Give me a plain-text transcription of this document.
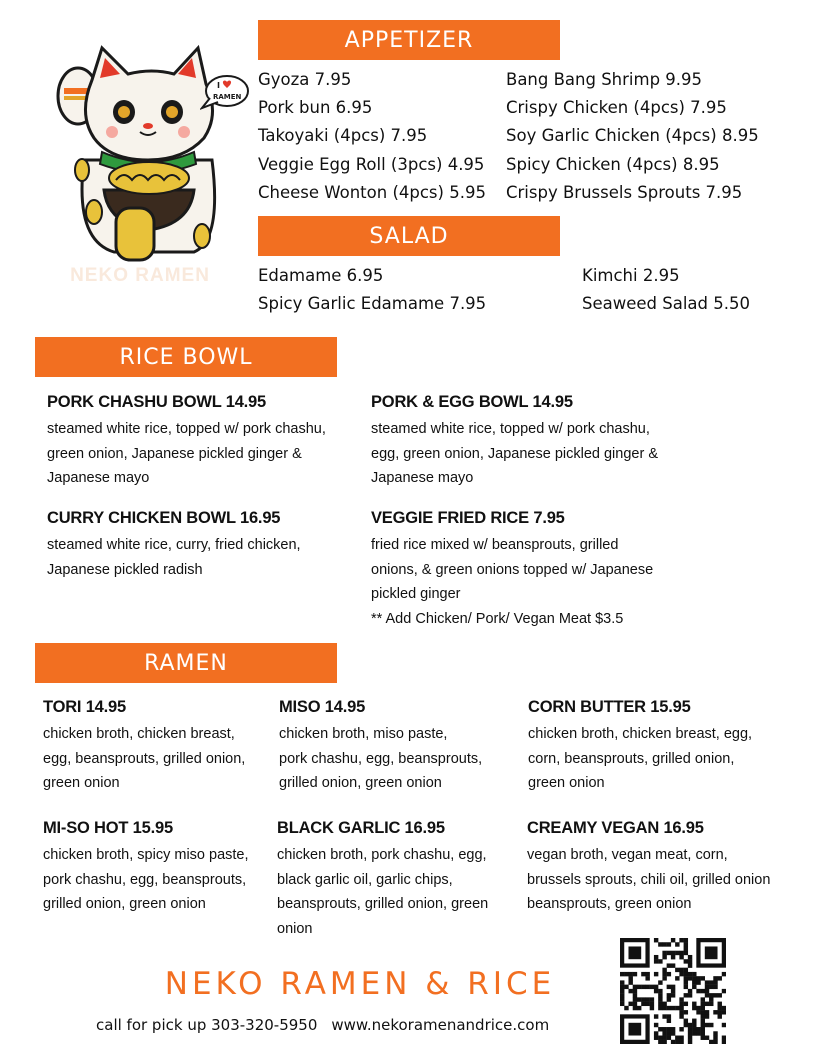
I
RAMEN
NEKO RAMEN
APPETIZER
Gyoza 7.95
Pork bun 6.95
Takoyaki (4pcs) 7.95
Veggie Egg Roll (3pcs) 4.95
Cheese Wonton (4pcs) 5.95
Bang Bang Shrimp 9.95
Crispy Chicken (4pcs) 7.95
Soy Garlic Chicken (4pcs) 8.95
Spicy Chicken (4pcs) 8.95
Crispy Brussels Sprouts 7.95
SALAD
Edamame 6.95
Spicy Garlic Edamame 7.95
Kimchi 2.95
Seaweed Salad 5.50
RICE BOWL
PORK CHASHU BOWL 14.95
steamed white rice, topped w/ pork chashu,
green onion, Japanese pickled ginger &
Japanese mayo
PORK & EGG BOWL 14.95
steamed white rice, topped w/ pork chashu,
egg, green onion, Japanese pickled ginger &
Japanese mayo
CURRY CHICKEN BOWL 16.95
steamed white rice, curry, fried chicken,
Japanese pickled radish
VEGGIE FRIED RICE 7.95
fried rice mixed w/ beansprouts, grilled
onions, & green onions topped w/ Japanese
pickled ginger
** Add Chicken/ Pork/ Vegan Meat $3.5
RAMEN
TORI 14.95
chicken broth, chicken breast,
egg, beansprouts, grilled onion,
green onion
MISO 14.95
chicken broth, miso paste,
pork chashu, egg, beansprouts,
grilled onion, green onion
CORN BUTTER 15.95
chicken broth, chicken breast, egg,
corn, beansprouts, grilled onion,
green onion
MI-SO HOT 15.95
chicken broth, spicy miso paste,
pork chashu, egg, beansprouts,
grilled onion, green onion
BLACK GARLIC 16.95
chicken broth, pork chashu, egg,
black garlic oil, garlic chips,
beansprouts, grilled onion, green
onion
CREAMY VEGAN 16.95
vegan broth, vegan meat, corn,
brussels sprouts, chili oil, grilled onion
beansprouts, green onion
NEKO RAMEN & RICE
call for pick up 303-320-5950 www.nekoramenandrice.com
